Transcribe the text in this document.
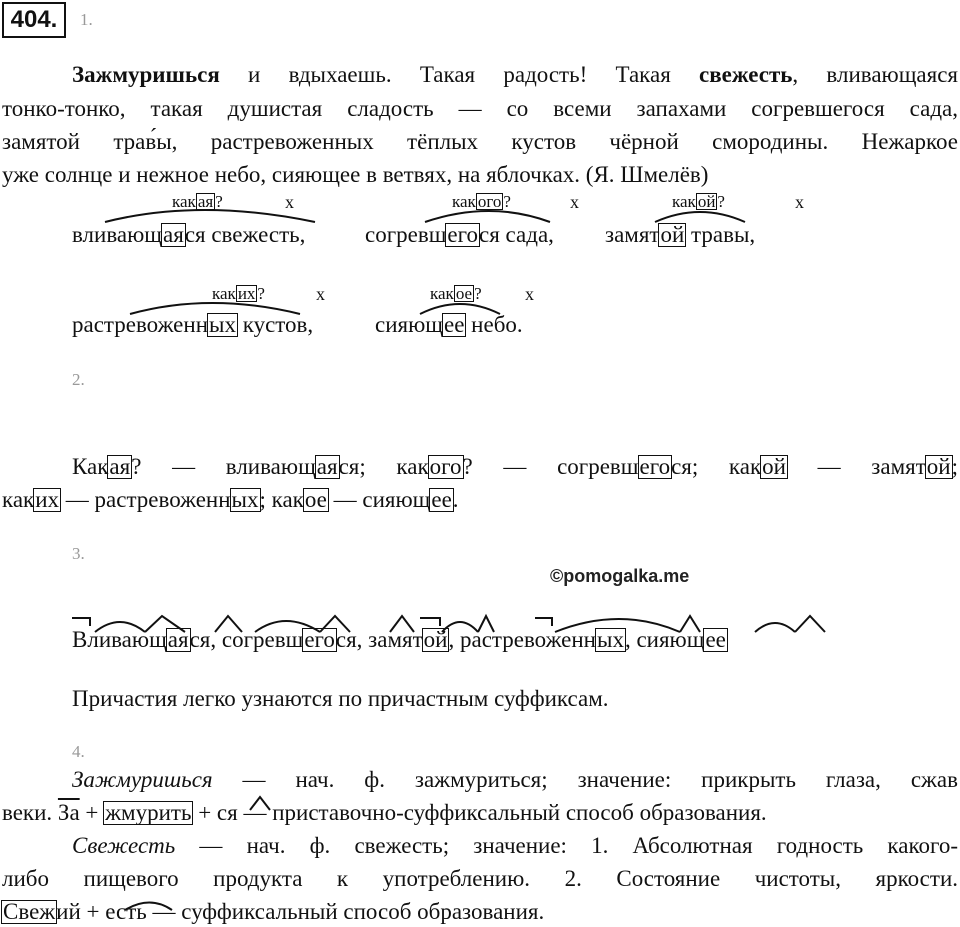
404.	1.
Зажмуришься и вдыхаешь. Такая радость! Такая свежесть, вливающаяся
тонко-тонко, такая душистая сладость — со всеми запахами согревшегося сада,
замятой трав́ы, растревоженных тёплых кустов чёрной смородины. Нежаркое
уже солнце и нежное небо, сияющее в ветвях, на яблочках. (Я. Шмелёв)
как ая ?	x	как ого ?	x	как ой ?	x
вливающаяся свежесть,	согревшегося сада, замятой травы,
как их ?	x	как ое ? x
растревоженных кустов,	сияющее небо.
2.
Какая? — вливающаяся; какого? — согревшегося; какой — замятой;
каких — растревоженных; какое — сияющее.
3.
©pomogalka.me
Вливающаяся, согревшегося, замятой, растревоженных, сияющее
Причастия легко узнаются по причастным суффиксам.
4.
Зажмуришься — нач. ф. зажмуриться; значение: прикрыть глаза, сжав
веки. За + жмурить + ся — приставочно-суффиксальный способ образования.
Свежесть — нач. ф. свежесть; значение: 1. Абсолютная годность какого-
либо пищевого продукта к употреблению. 2. Состояние чистоты, яркости.
Свежий + есть — суффиксальный способ образования.
